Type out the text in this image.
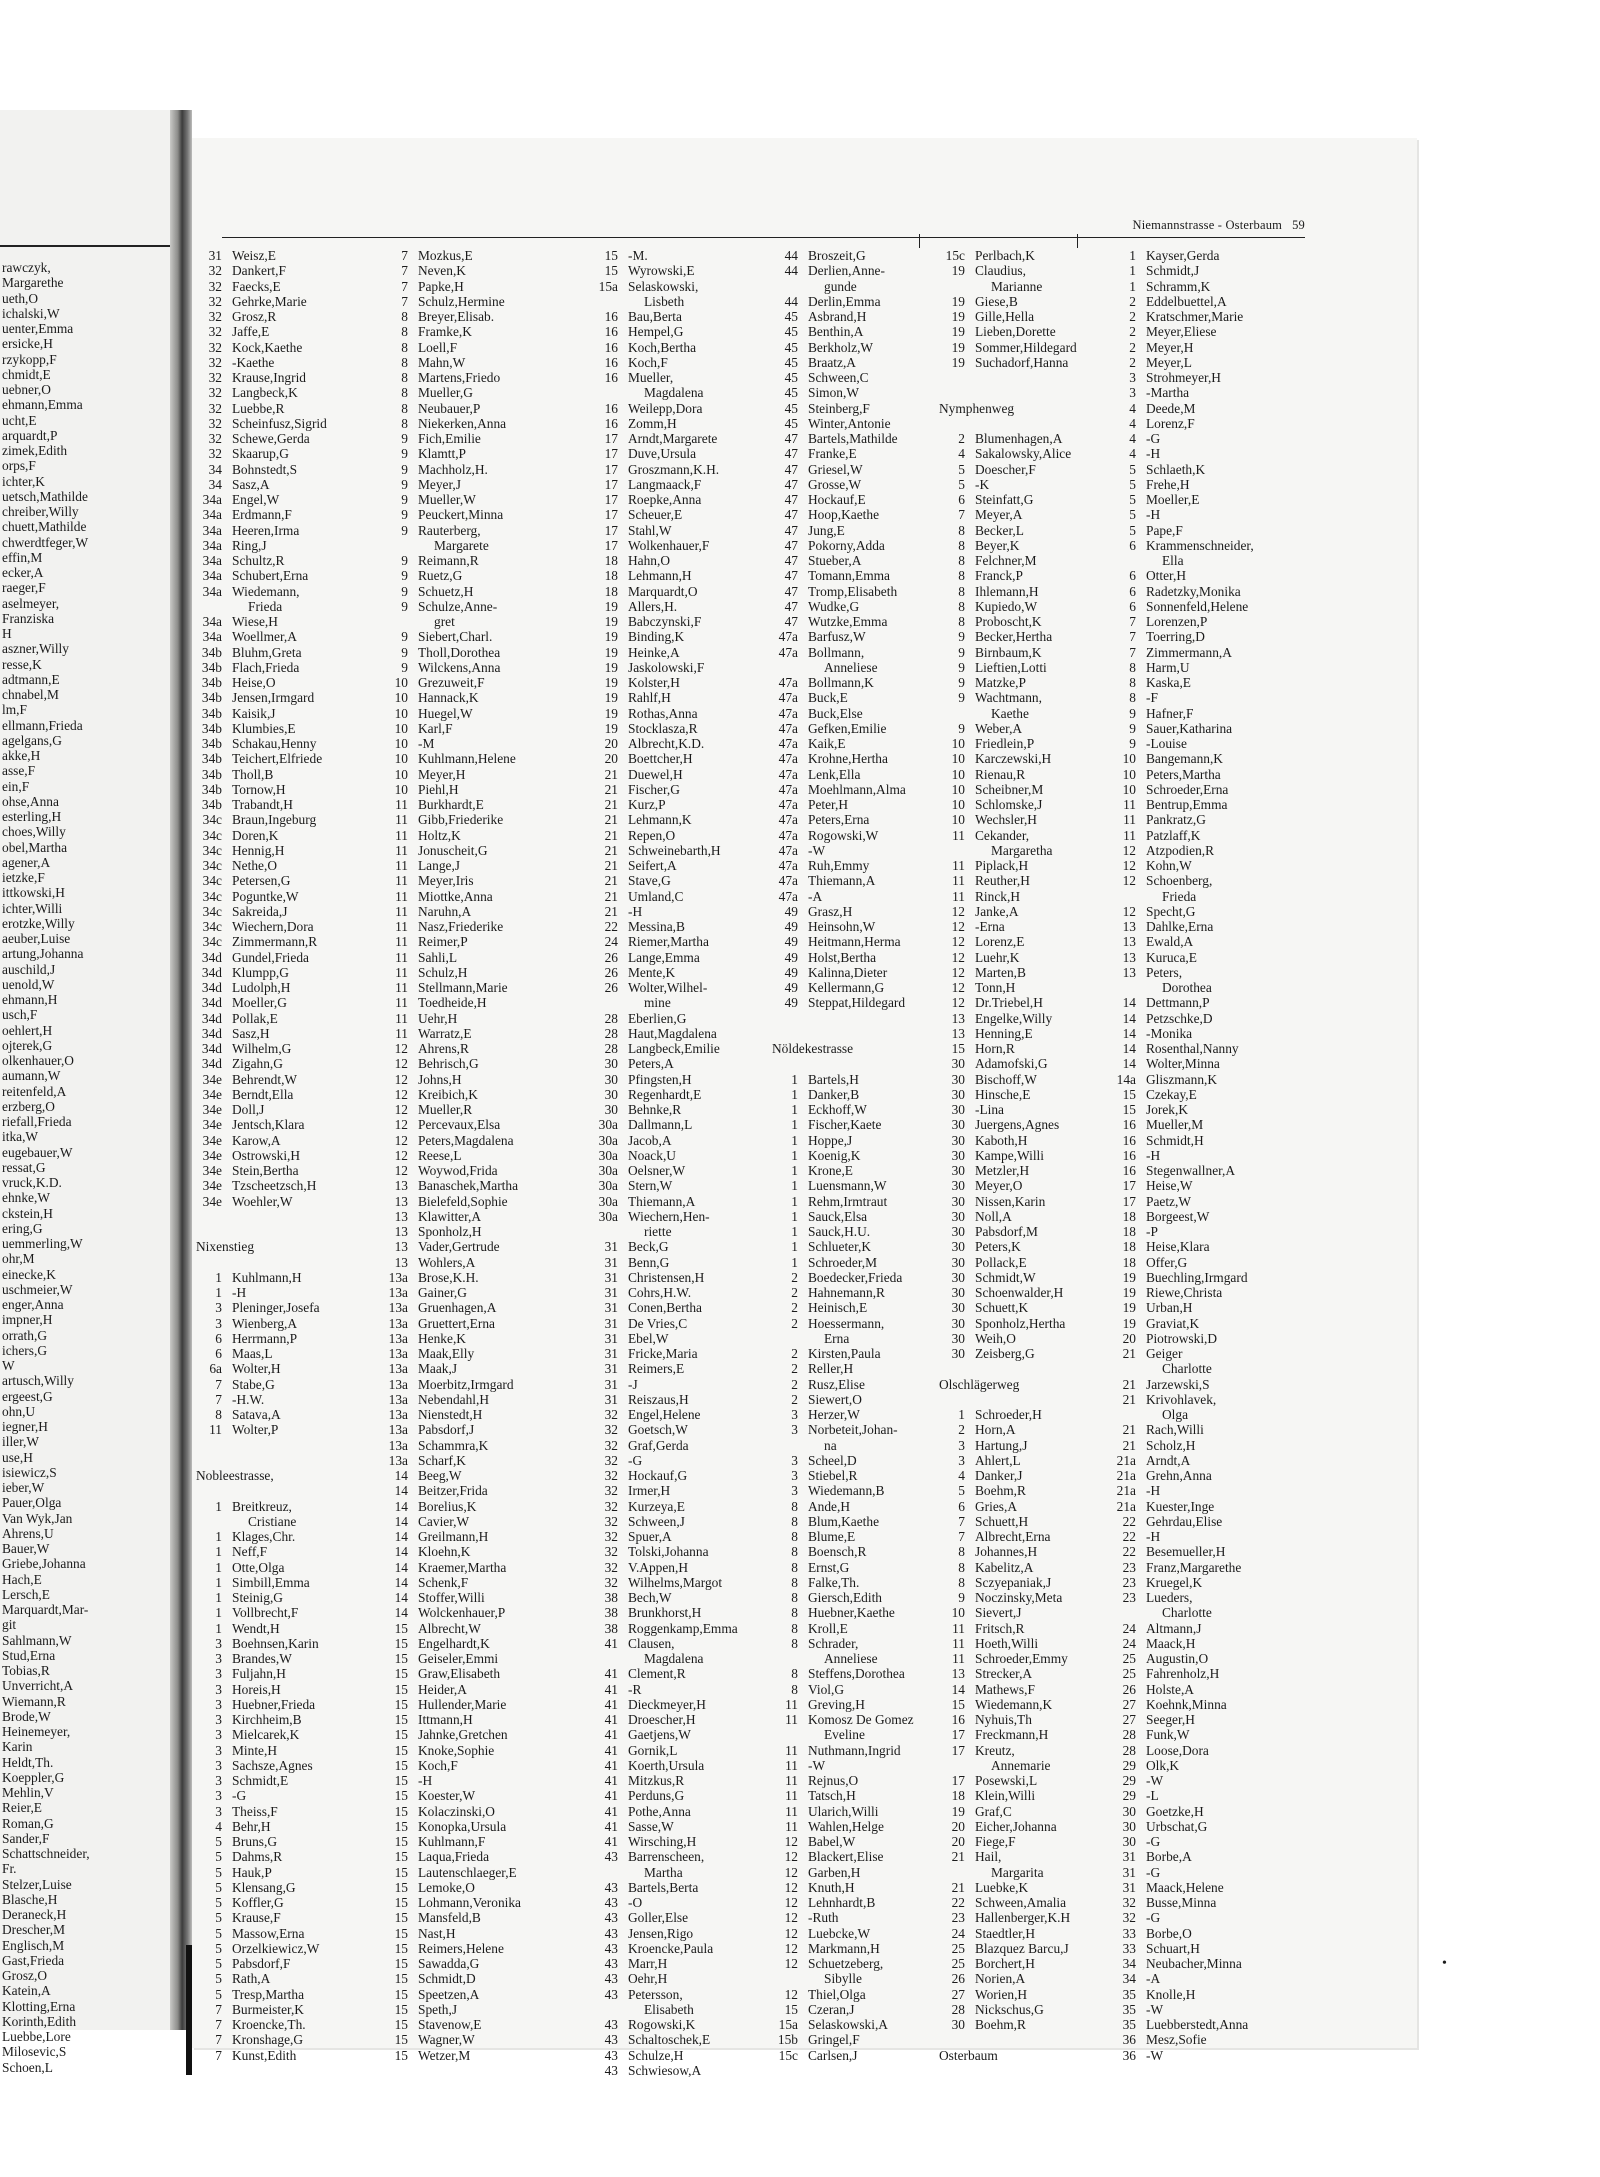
rawczyk,
Margarethe
ueth,O
ichalski,W
uenter,Emma
ersicke,H
rzykopp,F
chmidt,E
uebner,O
ehmann,Emma
ucht,E
arquardt,P
zimek,Edith
orps,F
ichter,K
uetsch,Mathilde
chreiber,Willy
chuett,Mathilde
chwerdtfeger,W
effin,M
ecker,A
raeger,F
aselmeyer,
Franziska
H
aszner,Willy
resse,K
adtmann,E
chnabel,M
lm,F
ellmann,Frieda
agelgans,G
akke,H
asse,F
ein,F
ohse,Anna
esterling,H
choes,Willy
obel,Martha
agener,A
ietzke,F
ittkowski,H
ichter,Willi
erotzke,Willy
aeuber,Luise
artung,Johanna
auschild,J
uenold,W
ehmann,H
usch,F
oehlert,H
ojterek,G
olkenhauer,O
aumann,W
reitenfeld,A
erzberg,O
riefall,Frieda
itka,W
eugebauer,W
ressat,G
vruck,K.D.
ehnke,W
ckstein,H
ering,G
uemmerling,W
ohr,M
einecke,K
uschmeier,W
enger,Anna
impner,H
orrath,G
ichers,G
W
artusch,Willy
ergeest,G
ohn,U
iegner,H
iller,W
use,H
isiewicz,S
ieber,W
Pauer,Olga
Van Wyk,Jan
Ahrens,U
Bauer,W
Griebe,Johanna
Hach,E
Lersch,E
Marquardt,Mar-
git
Sahlmann,W
Stud,Erna
Tobias,R
Unverricht,A
Wiemann,R
Brode,W
Heinemeyer,
Karin
Heldt,Th.
Koeppler,G
Mehlin,V
Reier,E
Roman,G
Sander,F
Schattschneider,
Fr.
Stelzer,Luise
Blasche,H
Deraneck,H
Drescher,M
Englisch,M
Gast,Frieda
Grosz,O
Katein,A
Klotting,Erna
Korinth,Edith
Luebbe,Lore
Milosevic,S
Schoen,L
Niemannstrasse - Osterbaum 59
31 Weisz,E
32 Dankert,F
32 Faecks,E
32 Gehrke,Marie
32 Grosz,R
32 Jaffe,E
32 Kock,Kaethe
32 -Kaethe
32 Krause,Ingrid
32 Langbeck,K
32 Luebbe,R
32 Scheinfusz,Sigrid
32 Schewe,Gerda
32 Skaarup,G
34 Bohnstedt,S
34 Sasz,A
34a Engel,W
34a Erdmann,F
34a Heeren,Irma
34a Ring,J
34a Schultz,R
34a Schubert,Erna
34a Wiedemann,
Frieda
34a Wiese,H
34a Woellmer,A
34b Bluhm,Greta
34b Flach,Frieda
34b Heise,O
34b Jensen,Irmgard
34b Kaisik,J
34b Klumbies,E
34b Schakau,Henny
34b Teichert,Elfriede
34b Tholl,B
34b Tornow,H
34b Trabandt,H
34c Braun,Ingeburg
34c Doren,K
34c Hennig,H
34c Nethe,O
34c Petersen,G
34c Poguntke,W
34c Sakreida,J
34c Wiechern,Dora
34c Zimmermann,R
34d Gundel,Frieda
34d Klumpp,G
34d Ludolph,H
34d Moeller,G
34d Pollak,E
34d Sasz,H
34d Wilhelm,G
34d Zigahn,G
34e Behrendt,W
34e Berndt,Ella
34e Doll,J
34e Jentsch,Klara
34e Karow,A
34e Ostrowski,H
34e Stein,Bertha
34e Tzscheetzsch,H
34e Woehler,W
Nixenstieg
1 Kuhlmann,H
1 -H
3 Pleninger,Josefa
3 Wienberg,A
6 Herrmann,P
6 Maas,L
6a Wolter,H
7 Stabe,G
7 -H.W.
8 Satava,A
11 Wolter,P
Nobleestrasse,
1 Breitkreuz,
Cristiane
1 Klages,Chr.
1 Neff,F
1 Otte,Olga
1 Simbill,Emma
1 Steinig,G
1 Vollbrecht,F
1 Wendt,H
3 Boehnsen,Karin
3 Brandes,W
3 Fuljahn,H
3 Horeis,H
3 Huebner,Frieda
3 Kirchheim,B
3 Mielcarek,K
3 Minte,H
3 Sachsze,Agnes
3 Schmidt,E
3 -G
3 Theiss,F
4 Behr,H
5 Bruns,G
5 Dahms,R
5 Hauk,P
5 Klensang,G
5 Koffler,G
5 Krause,F
5 Massow,Erna
5 Orzelkiewicz,W
5 Pabsdorf,F
5 Rath,A
5 Tresp,Martha
7 Burmeister,K
7 Kroencke,Th.
7 Kronshage,G
7 Kunst,Edith
7 Mozkus,E
7 Neven,K
7 Papke,H
7 Schulz,Hermine
8 Breyer,Elisab.
8 Framke,K
8 Loell,F
8 Mahn,W
8 Martens,Friedo
8 Mueller,G
8 Neubauer,P
8 Niekerken,Anna
9 Fich,Emilie
9 Klamtt,P
9 Machholz,H.
9 Meyer,J
9 Mueller,W
9 Peuckert,Minna
9 Rauterberg,
Margarete
9 Reimann,R
9 Ruetz,G
9 Schuetz,H
9 Schulze,Anne-
gret
9 Siebert,Charl.
9 Tholl,Dorothea
9 Wilckens,Anna
10 Grezuweit,F
10 Hannack,K
10 Huegel,W
10 Karl,F
10 -M
10 Kuhlmann,Helene
10 Meyer,H
10 Piehl,H
11 Burkhardt,E
11 Gibb,Friederike
11 Holtz,K
11 Jonuscheit,G
11 Lange,J
11 Meyer,Iris
11 Miottke,Anna
11 Naruhn,A
11 Nasz,Friederike
11 Reimer,P
11 Sahli,L
11 Schulz,H
11 Stellmann,Marie
11 Toedheide,H
11 Uehr,H
11 Warratz,E
12 Ahrens,R
12 Behrisch,G
12 Johns,H
12 Kreibich,K
12 Mueller,R
12 Percevaux,Elsa
12 Peters,Magdalena
12 Reese,L
12 Woywod,Frida
13 Banaschek,Martha
13 Bielefeld,Sophie
13 Klawitter,A
13 Sponholz,H
13 Vader,Gertrude
13 Wohlers,A
13a Brose,K.H.
13a Gainer,G
13a Gruenhagen,A
13a Gruettert,Erna
13a Henke,K
13a Maak,Elly
13a Maak,J
13a Moerbitz,Irmgard
13a Nebendahl,H
13a Nienstedt,H
13a Pabsdorf,J
13a Schammra,K
13a Scharf,K
14 Beeg,W
14 Beitzer,Frida
14 Borelius,K
14 Cavier,W
14 Greilmann,H
14 Kloehn,K
14 Kraemer,Martha
14 Schenk,F
14 Stoffer,Willi
14 Wolckenhauer,P
15 Albrecht,W
15 Engelhardt,K
15 Geiseler,Emmi
15 Graw,Elisabeth
15 Heider,A
15 Hullender,Marie
15 Ittmann,H
15 Jahnke,Gretchen
15 Knoke,Sophie
15 Koch,F
15 -H
15 Koester,W
15 Kolaczinski,O
15 Konopka,Ursula
15 Kuhlmann,F
15 Laqua,Frieda
15 Lautenschlaeger,E
15 Lemoke,O
15 Lohmann,Veronika
15 Mansfeld,B
15 Nast,H
15 Reimers,Helene
15 Sawadda,G
15 Schmidt,D
15 Speetzen,A
15 Speth,J
15 Stavenow,E
15 Wagner,W
15 Wetzer,M
15 -M.
15 Wyrowski,E
15a Selaskowski,
Lisbeth
16 Bau,Berta
16 Hempel,G
16 Koch,Bertha
16 Koch,F
16 Mueller,
Magdalena
16 Weilepp,Dora
16 Zomm,H
17 Arndt,Margarete
17 Duve,Ursula
17 Groszmann,K.H.
17 Langmaack,F
17 Roepke,Anna
17 Scheuer,E
17 Stahl,W
17 Wolkenhauer,F
18 Hahn,O
18 Lehmann,H
18 Marquardt,O
19 Allers,H.
19 Babczynski,F
19 Binding,K
19 Heinke,A
19 Jaskolowski,F
19 Kolster,H
19 Rahlf,H
19 Rothas,Anna
19 Stocklasza,R
20 Albrecht,K.D.
20 Boettcher,H
21 Duewel,H
21 Fischer,G
21 Kurz,P
21 Lehmann,K
21 Repen,O
21 Schweinebarth,H
21 Seifert,A
21 Stave,G
21 Umland,C
21 -H
22 Messina,B
24 Riemer,Martha
26 Lange,Emma
26 Mente,K
26 Wolter,Wilhel-
mine
28 Eberlien,G
28 Haut,Magdalena
28 Langbeck,Emilie
30 Peters,A
30 Pfingsten,H
30 Regenhardt,E
30 Behnke,R
30a Dallmann,L
30a Jacob,A
30a Noack,U
30a Oelsner,W
30a Stern,W
30a Thiemann,A
30a Wiechern,Hen-
riette
31 Beck,G
31 Benn,G
31 Christensen,H
31 Cohrs,H.W.
31 Conen,Bertha
31 De Vries,C
31 Ebel,W
31 Fricke,Maria
31 Reimers,E
31 -J
31 Reiszaus,H
32 Engel,Helene
32 Goetsch,W
32 Graf,Gerda
32 -G
32 Hockauf,G
32 Irmer,H
32 Kurzeya,E
32 Schween,J
32 Spuer,A
32 Tolski,Johanna
32 V.Appen,H
32 Wilhelms,Margot
38 Bech,W
38 Brunkhorst,H
38 Roggenkamp,Emma
41 Clausen,
Magdalena
41 Clement,R
41 -R
41 Dieckmeyer,H
41 Droescher,H
41 Gaetjens,W
41 Gornik,L
41 Koerth,Ursula
41 Mitzkus,R
41 Perduns,G
41 Pothe,Anna
41 Sasse,W
41 Wirsching,H
43 Barrenscheen,
Martha
43 Bartels,Berta
43 -O
43 Goller,Else
43 Jensen,Rigo
43 Kroencke,Paula
43 Marr,H
43 Oehr,H
43 Petersson,
Elisabeth
43 Rogowski,K
43 Schaltoschek,E
43 Schulze,H
43 Schwiesow,A
44 Broszeit,G
44 Derlien,Anne-
gunde
44 Derlin,Emma
45 Asbrand,H
45 Benthin,A
45 Berkholz,W
45 Braatz,A
45 Schween,C
45 Simon,W
45 Steinberg,F
45 Winter,Antonie
47 Bartels,Mathilde
47 Franke,E
47 Griesel,W
47 Grosse,W
47 Hockauf,E
47 Hoop,Kaethe
47 Jung,E
47 Pokorny,Adda
47 Stueber,A
47 Tomann,Emma
47 Tromp,Elisabeth
47 Wudke,G
47 Wutzke,Emma
47a Barfusz,W
47a Bollmann,
Anneliese
47a Bollmann,K
47a Buck,E
47a Buck,Else
47a Gefken,Emilie
47a Kaik,E
47a Krohne,Hertha
47a Lenk,Ella
47a Moehlmann,Alma
47a Peter,H
47a Peters,Erna
47a Rogowski,W
47a -W
47a Ruh,Emmy
47a Thiemann,A
47a -A
49 Grasz,H
49 Heinsohn,W
49 Heitmann,Herma
49 Holst,Bertha
49 Kalinna,Dieter
49 Kellermann,G
49 Steppat,Hildegard
Nöldekestrasse
1 Bartels,H
1 Danker,B
1 Eckhoff,W
1 Fischer,Kaete
1 Hoppe,J
1 Koenig,K
1 Krone,E
1 Luensmann,W
1 Rehm,Irmtraut
1 Sauck,Elsa
1 Sauck,H.U.
1 Schlueter,K
1 Schroeder,M
2 Boedecker,Frieda
2 Hahnemann,R
2 Heinisch,E
2 Hoessermann,
Erna
2 Kirsten,Paula
2 Reller,H
2 Rusz,Elise
2 Siewert,O
3 Herzer,W
3 Norbeteit,Johan-
na
3 Scheel,D
3 Stiebel,R
3 Wiedemann,B
8 Ande,H
8 Blum,Kaethe
8 Blume,E
8 Boensch,R
8 Ernst,G
8 Falke,Th.
8 Giersch,Edith
8 Huebner,Kaethe
8 Kroll,E
8 Schrader,
Anneliese
8 Steffens,Dorothea
8 Viol,G
11 Greving,H
11 Komosz De Gomez
Eveline
11 Nuthmann,Ingrid
11 -W
11 Rejnus,O
11 Tatsch,H
11 Ularich,Willi
11 Wahlen,Helge
12 Babel,W
12 Blackert,Elise
12 Garben,H
12 Knuth,H
12 Lehnhardt,B
12 -Ruth
12 Luebcke,W
12 Markmann,H
12 Schuetzeberg,
Sibylle
12 Thiel,Olga
15 Czeran,J
15a Selaskowski,A
15b Gringel,F
15c Carlsen,J
15c Perlbach,K
19 Claudius,
Marianne
19 Giese,B
19 Gille,Hella
19 Lieben,Dorette
19 Sommer,Hildegard
19 Suchadorf,Hanna
Nymphenweg
2 Blumenhagen,A
4 Sakalowsky,Alice
5 Doescher,F
5 -K
6 Steinfatt,G
7 Meyer,A
8 Becker,L
8 Beyer,K
8 Felchner,M
8 Franck,P
8 Ihlemann,H
8 Kupiedo,W
8 Proboscht,K
9 Becker,Hertha
9 Birnbaum,K
9 Lieftien,Lotti
9 Matzke,P
9 Wachtmann,
Kaethe
9 Weber,A
10 Friedlein,P
10 Karczewski,H
10 Rienau,R
10 Scheibner,M
10 Schlomske,J
10 Wechsler,H
11 Cekander,
Margaretha
11 Piplack,H
11 Reuther,H
11 Rinck,H
12 Janke,A
12 -Erna
12 Lorenz,E
12 Luehr,K
12 Marten,B
12 Tonn,H
12 Dr.Triebel,H
13 Engelke,Willy
13 Henning,E
15 Horn,R
30 Adamofski,G
30 Bischoff,W
30 Hinsche,E
30 -Lina
30 Juergens,Agnes
30 Kaboth,H
30 Kampe,Willi
30 Metzler,H
30 Meyer,O
30 Nissen,Karin
30 Noll,A
30 Pabsdorf,M
30 Peters,K
30 Pollack,E
30 Schmidt,W
30 Schoenwalder,H
30 Schuett,K
30 Sponholz,Hertha
30 Weih,O
30 Zeisberg,G
Olschlägerweg
1 Schroeder,H
2 Horn,A
3 Hartung,J
3 Ahlert,L
4 Danker,J
5 Boehm,R
6 Gries,A
7 Schuett,H
7 Albrecht,Erna
8 Johannes,H
8 Kabelitz,A
8 Sczyepaniak,J
9 Noczinsky,Meta
10 Sievert,J
11 Fritsch,R
11 Hoeth,Willi
11 Schroeder,Emmy
13 Strecker,A
14 Mathews,F
15 Wiedemann,K
16 Nyhuis,Th
17 Freckmann,H
17 Kreutz,
Annemarie
17 Posewski,L
18 Klein,Willi
19 Graf,C
20 Eicher,Johanna
20 Fiege,F
21 Hail,
Margarita
21 Luebke,K
22 Schween,Amalia
23 Hallenberger,K.H
24 Staedtler,H
25 Blazquez Barcu,J
25 Borchert,H
26 Norien,A
27 Worien,H
28 Nickschus,G
30 Boehm,R
Osterbaum
1 Kayser,Gerda
1 Schmidt,J
1 Schramm,K
2 Eddelbuettel,A
2 Kratschmer,Marie
2 Meyer,Eliese
2 Meyer,H
2 Meyer,L
3 Strohmeyer,H
3 -Martha
4 Deede,M
4 Lorenz,F
4 -G
4 -H
5 Schlaeth,K
5 Frehe,H
5 Moeller,E
5 -H
5 Pape,F
6 Krammenschneider,
Ella
6 Otter,H
6 Radetzky,Monika
6 Sonnenfeld,Helene
7 Lorenzen,P
7 Toerring,D
7 Zimmermann,A
8 Harm,U
8 Kaska,E
8 -F
9 Hafner,F
9 Sauer,Katharina
9 -Louise
10 Bangemann,K
10 Peters,Martha
10 Schroeder,Erna
11 Bentrup,Emma
11 Pankratz,G
11 Patzlaff,K
12 Atzpodien,R
12 Kohn,W
12 Schoenberg,
Frieda
12 Specht,G
13 Dahlke,Erna
13 Ewald,A
13 Kuruca,E
13 Peters,
Dorothea
14 Dettmann,P
14 Petzschke,D
14 -Monika
14 Rosenthal,Nanny
14 Wolter,Minna
14a Gliszmann,K
15 Czekay,E
15 Jorek,K
16 Mueller,M
16 Schmidt,H
16 -H
16 Stegenwallner,A
17 Heise,W
17 Paetz,W
18 Borgeest,W
18 -P
18 Heise,Klara
18 Offer,G
19 Buechling,Irmgard
19 Riewe,Christa
19 Urban,H
19 Graviat,K
20 Piotrowski,D
21 Geiger
Charlotte
21 Jarzewski,S
21 Krivohlavek,
Olga
21 Rach,Willi
21 Scholz,H
21a Arndt,A
21a Grehn,Anna
21a -H
21a Kuester,Inge
22 Gehrdau,Elise
22 -H
22 Besemueller,H
23 Franz,Margarethe
23 Kruegel,K
23 Lueders,
Charlotte
24 Altmann,J
24 Maack,H
25 Augustin,O
25 Fahrenholz,H
26 Holste,A
27 Koehnk,Minna
27 Seeger,H
28 Funk,W
28 Loose,Dora
29 Olk,K
29 -W
29 -L
30 Goetzke,H
30 Urbschat,G
30 -G
31 Borbe,A
31 -G
31 Maack,Helene
32 Busse,Minna
32 -G
33 Borbe,O
33 Schuart,H
34 Neubacher,Minna
34 -A
35 Knolle,H
35 -W
35 Luebberstedt,Anna
36 Mesz,Sofie
36 -W
•
